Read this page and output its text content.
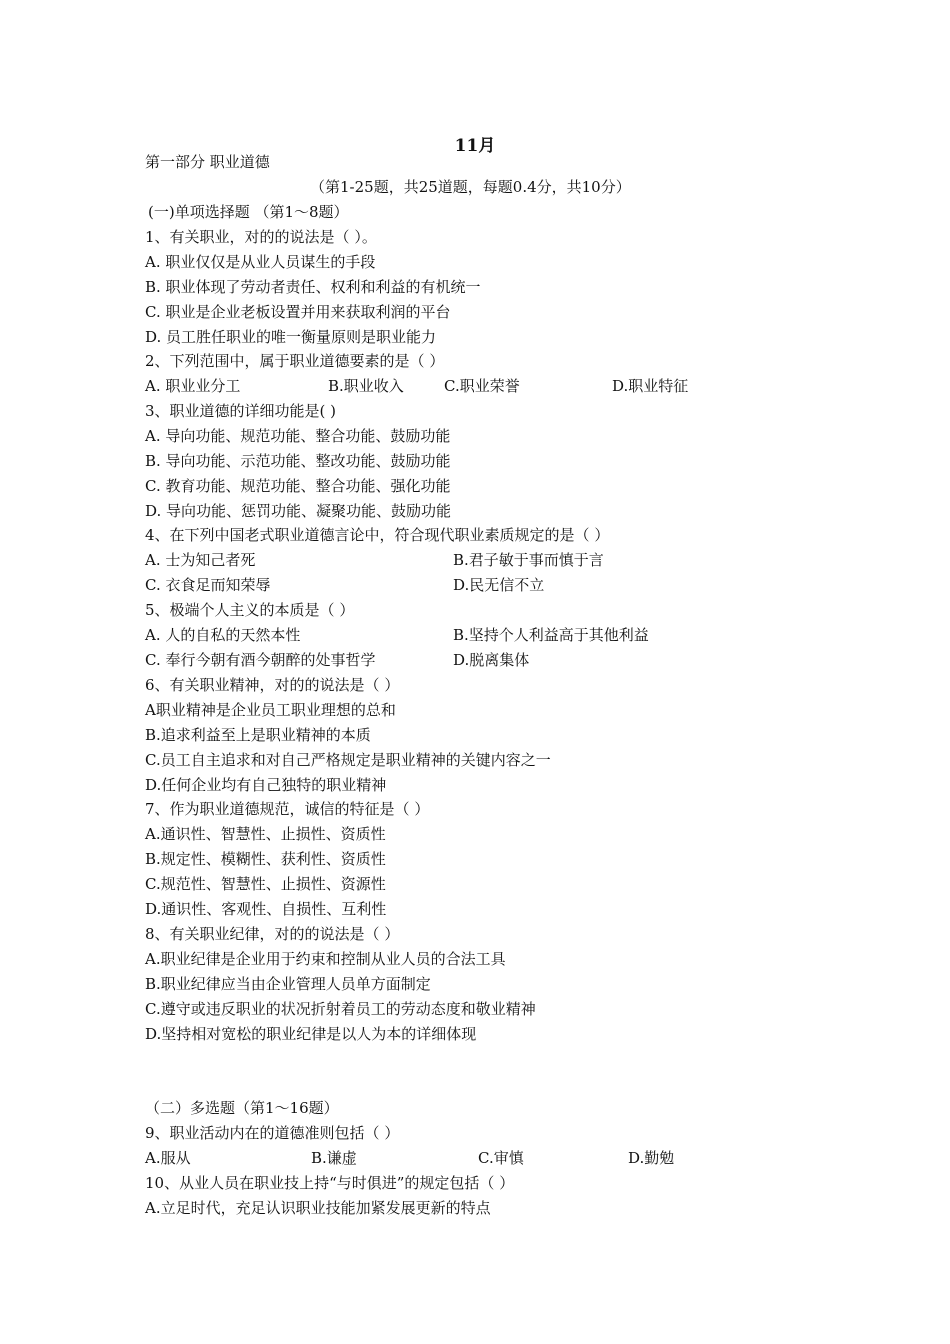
11月
第一部分 职业道德
（第1-25题，共25道题，每题0.4分，共10分）
(一)单项选择题 （第1～8题）
1、有关职业，对的的说法是（ ）。
A. 职业仅仅是从业人员谋生的手段
B. 职业体现了劳动者责任、权利和利益的有机统一
C. 职业是企业老板设置并用来获取利润的平台
D. 员工胜任职业的唯一衡量原则是职业能力
2、下列范围中，属于职业道德要素的是（ ）
A. 职业业分工	B.职业收入	C.职业荣誉	D.职业特征
3、职业道德的详细功能是( )
A. 导向功能、规范功能、整合功能、鼓励功能
B. 导向功能、示范功能、整改功能、鼓励功能
C. 教育功能、规范功能、整合功能、强化功能
D. 导向功能、惩罚功能、凝聚功能、鼓励功能
4、在下列中国老式职业道德言论中，符合现代职业素质规定的是（ ）
A. 士为知己者死	B.君子敏于事而慎于言
C. 衣食足而知荣辱	D.民无信不立
5、极端个人主义的本质是（ ）
A. 人的自私的天然本性	B.坚持个人利益高于其他利益
C. 奉行今朝有酒今朝醉的处事哲学	D.脱离集体
6、有关职业精神，对的的说法是（ ）
A职业精神是企业员工职业理想的总和
B.追求利益至上是职业精神的本质
C.员工自主追求和对自己严格规定是职业精神的关键内容之一
D.任何企业均有自己独特的职业精神
7、作为职业道德规范，诚信的特征是（ ）
A.通识性、智慧性、止损性、资质性
B.规定性、模糊性、获利性、资质性
C.规范性、智慧性、止损性、资源性
D.通识性、客观性、自损性、互利性
8、有关职业纪律，对的的说法是（ ）
A.职业纪律是企业用于约束和控制从业人员的合法工具
B.职业纪律应当由企业管理人员单方面制定
C.遵守或违反职业的状况折射着员工的劳动态度和敬业精神
D.坚持相对宽松的职业纪律是以人为本的详细体现
（二）多选题（第1～16题）
9、职业活动内在的道德准则包括（ ）
A.服从	B.谦虚	C.审慎	D.勤勉
10、从业人员在职业技上持“与时俱进”的规定包括（ ）
A.立足时代，充足认识职业技能加紧发展更新的特点
